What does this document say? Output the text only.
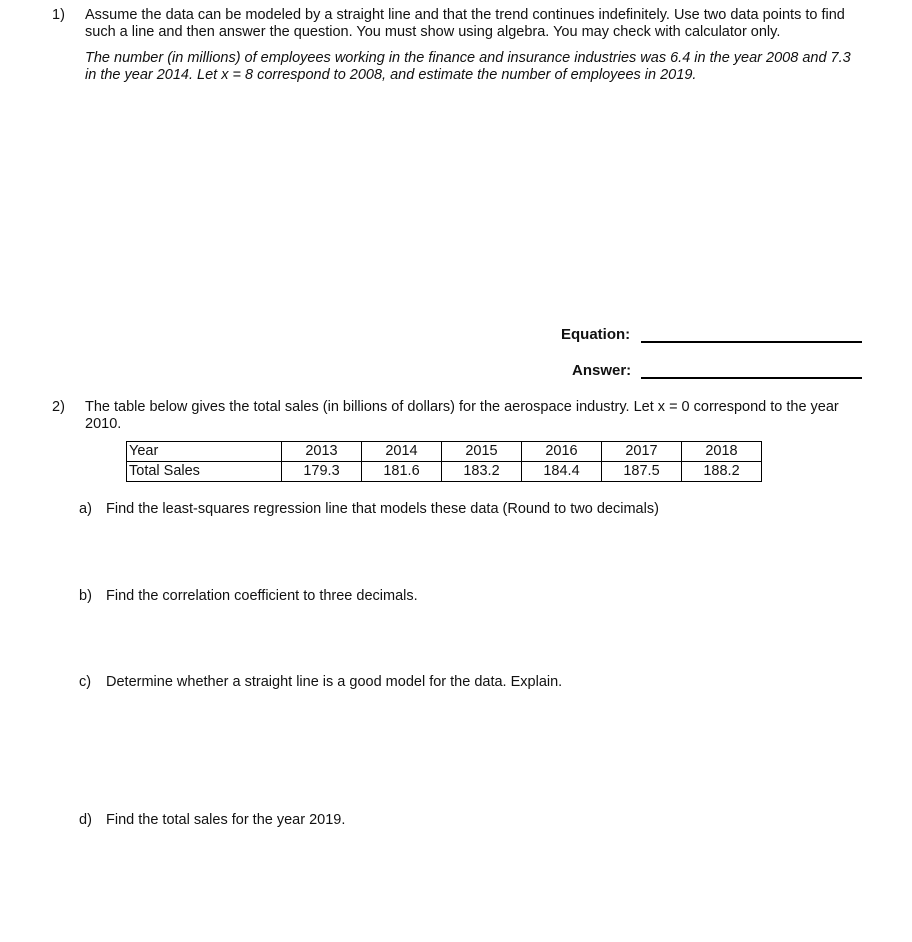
1) Assume the data can be modeled by a straight line and that the trend continues indefinitely. Use two data points to find such a line and then answer the question. You must show using algebra. You may check with calculator only.
The number (in millions) of employees working in the finance and insurance industries was 6.4 in the year 2008 and 7.3 in the year 2014. Let x = 8 correspond to 2008, and estimate the number of employees in 2019.
Equation:
Answer:
2) The table below gives the total sales (in billions of dollars) for the aerospace industry. Let x = 0 correspond to the year 2010.
Year	2013	2014	2015	2016	2017	2018
Total Sales	179.3	181.6	183.2	184.4	187.5	188.2
a) Find the least-squares regression line that models these data (Round to two decimals)
b) Find the correlation coefficient to three decimals.
c) Determine whether a straight line is a good model for the data. Explain.
d) Find the total sales for the year 2019.
